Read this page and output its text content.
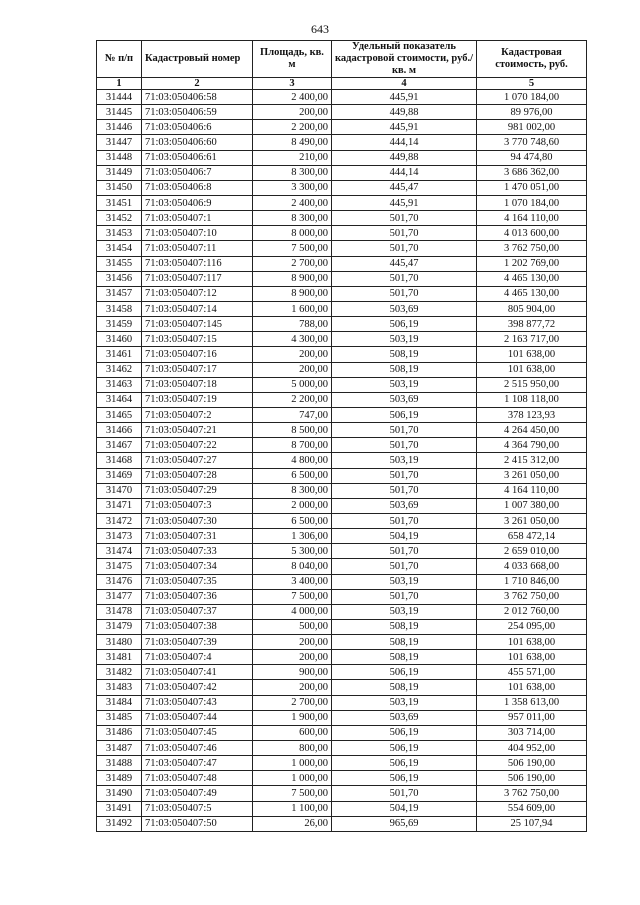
643
№ п/п	Кадастровый номер	Площадь, кв. м	Удельный показатель кадастровой стоимости, руб./кв. м	Кадастровая стоимость, руб.
1	2	3	4	5
31444	71:03:050406:58	2 400,00	445,91	1 070 184,00
31445	71:03:050406:59	200,00	449,88	89 976,00
31446	71:03:050406:6	2 200,00	445,91	981 002,00
31447	71:03:050406:60	8 490,00	444,14	3 770 748,60
31448	71:03:050406:61	210,00	449,88	94 474,80
31449	71:03:050406:7	8 300,00	444,14	3 686 362,00
31450	71:03:050406:8	3 300,00	445,47	1 470 051,00
31451	71:03:050406:9	2 400,00	445,91	1 070 184,00
31452	71:03:050407:1	8 300,00	501,70	4 164 110,00
31453	71:03:050407:10	8 000,00	501,70	4 013 600,00
31454	71:03:050407:11	7 500,00	501,70	3 762 750,00
31455	71:03:050407:116	2 700,00	445,47	1 202 769,00
31456	71:03:050407:117	8 900,00	501,70	4 465 130,00
31457	71:03:050407:12	8 900,00	501,70	4 465 130,00
31458	71:03:050407:14	1 600,00	503,69	805 904,00
31459	71:03:050407:145	788,00	506,19	398 877,72
31460	71:03:050407:15	4 300,00	503,19	2 163 717,00
31461	71:03:050407:16	200,00	508,19	101 638,00
31462	71:03:050407:17	200,00	508,19	101 638,00
31463	71:03:050407:18	5 000,00	503,19	2 515 950,00
31464	71:03:050407:19	2 200,00	503,69	1 108 118,00
31465	71:03:050407:2	747,00	506,19	378 123,93
31466	71:03:050407:21	8 500,00	501,70	4 264 450,00
31467	71:03:050407:22	8 700,00	501,70	4 364 790,00
31468	71:03:050407:27	4 800,00	503,19	2 415 312,00
31469	71:03:050407:28	6 500,00	501,70	3 261 050,00
31470	71:03:050407:29	8 300,00	501,70	4 164 110,00
31471	71:03:050407:3	2 000,00	503,69	1 007 380,00
31472	71:03:050407:30	6 500,00	501,70	3 261 050,00
31473	71:03:050407:31	1 306,00	504,19	658 472,14
31474	71:03:050407:33	5 300,00	501,70	2 659 010,00
31475	71:03:050407:34	8 040,00	501,70	4 033 668,00
31476	71:03:050407:35	3 400,00	503,19	1 710 846,00
31477	71:03:050407:36	7 500,00	501,70	3 762 750,00
31478	71:03:050407:37	4 000,00	503,19	2 012 760,00
31479	71:03:050407:38	500,00	508,19	254 095,00
31480	71:03:050407:39	200,00	508,19	101 638,00
31481	71:03:050407:4	200,00	508,19	101 638,00
31482	71:03:050407:41	900,00	506,19	455 571,00
31483	71:03:050407:42	200,00	508,19	101 638,00
31484	71:03:050407:43	2 700,00	503,19	1 358 613,00
31485	71:03:050407:44	1 900,00	503,69	957 011,00
31486	71:03:050407:45	600,00	506,19	303 714,00
31487	71:03:050407:46	800,00	506,19	404 952,00
31488	71:03:050407:47	1 000,00	506,19	506 190,00
31489	71:03:050407:48	1 000,00	506,19	506 190,00
31490	71:03:050407:49	7 500,00	501,70	3 762 750,00
31491	71:03:050407:5	1 100,00	504,19	554 609,00
31492	71:03:050407:50	26,00	965,69	25 107,94
